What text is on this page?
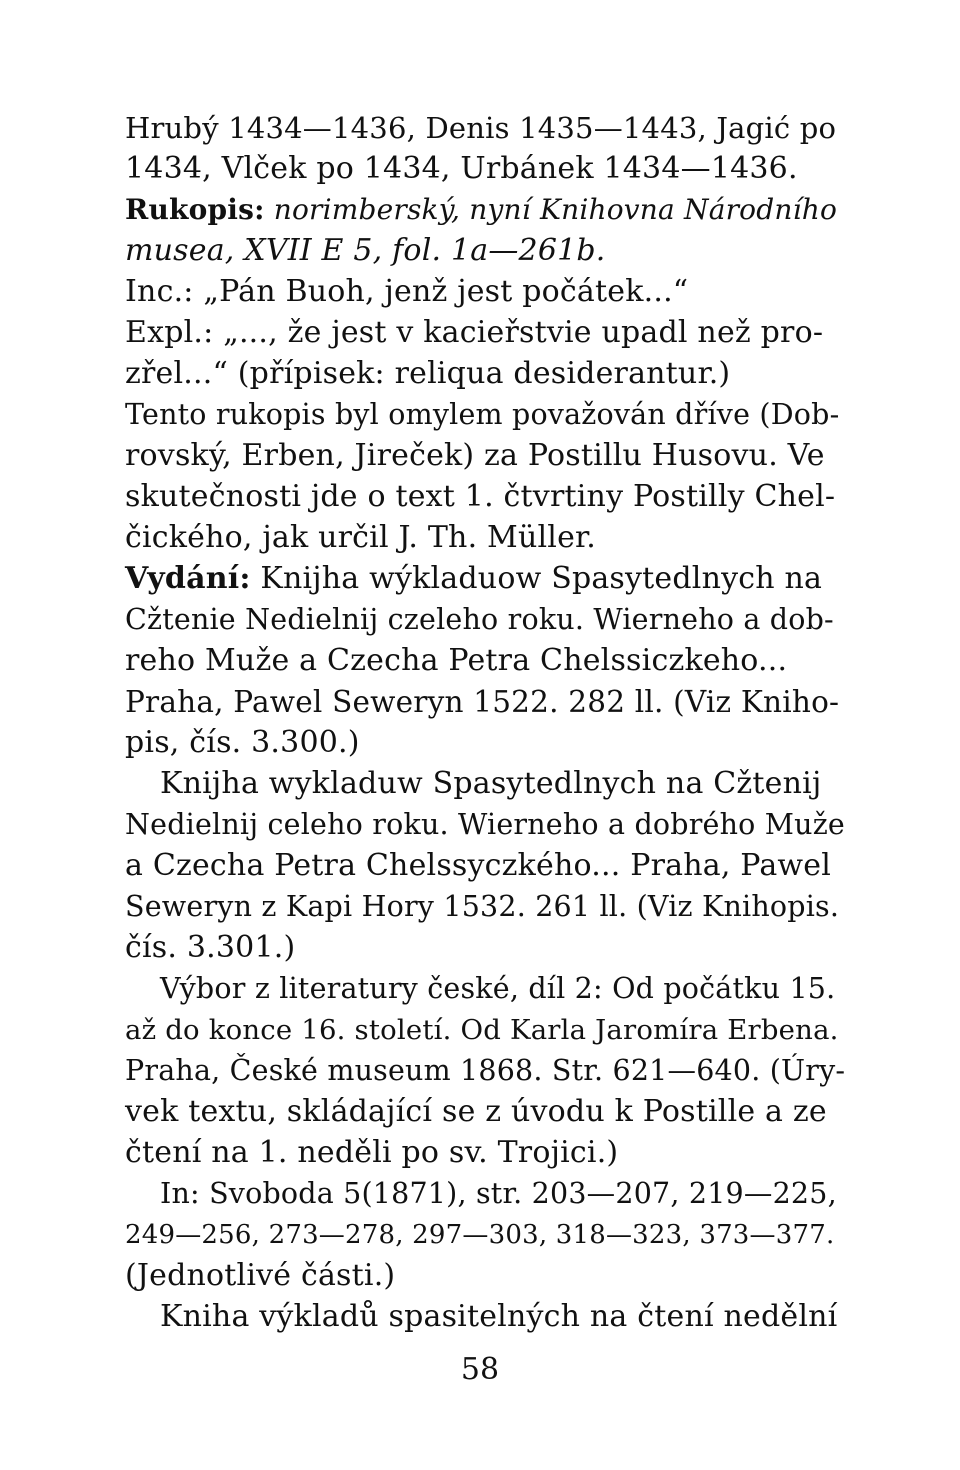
Hrubý 1434—1436, Denis 1435—1443, Jagić po
1434, Vlček po 1434, Urbánek 1434—1436.
Rukopis: norimberský, nyní Knihovna Národního
musea, XVII E 5, fol. 1a—261b.
Inc.: „Pán Buoh, jenž jest počátek...“
Expl.: „..., že jest v kacieřstvie upadl než pro-
zřel...“ (přípisek: reliqua desiderantur.)
Tento rukopis byl omylem považován dříve (Dob-
rovský, Erben, Jireček) za Postillu Husovu. Ve
skutečnosti jde o text 1. čtvrtiny Postilly Chel-
čického, jak určil J. Th. Müller.
Vydání: Knijha wýkladuow Spasytedlnych na
Cžtenie Nedielnij czeleho roku. Wierneho a dob-
reho Muže a Czecha Petra Chelssiczkeho...
Praha, Pawel Seweryn 1522. 282 ll. (Viz Kniho-
pis, čís. 3.300.)
Knijha wykladuw Spasytedlnych na Cžtenij
Nedielnij celeho roku. Wierneho a dobrého Muže
a Czecha Petra Chelssyczkého... Praha, Pawel
Seweryn z Kapi Hory 1532. 261 ll. (Viz Knihopis.
čís. 3.301.)
Výbor z literatury české, díl 2: Od počátku 15.
až do konce 16. století. Od Karla Jaromíra Erbena.
Praha, České museum 1868. Str. 621—640. (Úry-
vek textu, skládající se z úvodu k Postille a ze
čtení na 1. neděli po sv. Trojici.)
In: Svoboda 5(1871), str. 203—207, 219—225,
249—256, 273—278, 297—303, 318—323, 373—377.
(Jednotlivé části.)
Kniha výkladů spasitelných na čtení nedělní
58
